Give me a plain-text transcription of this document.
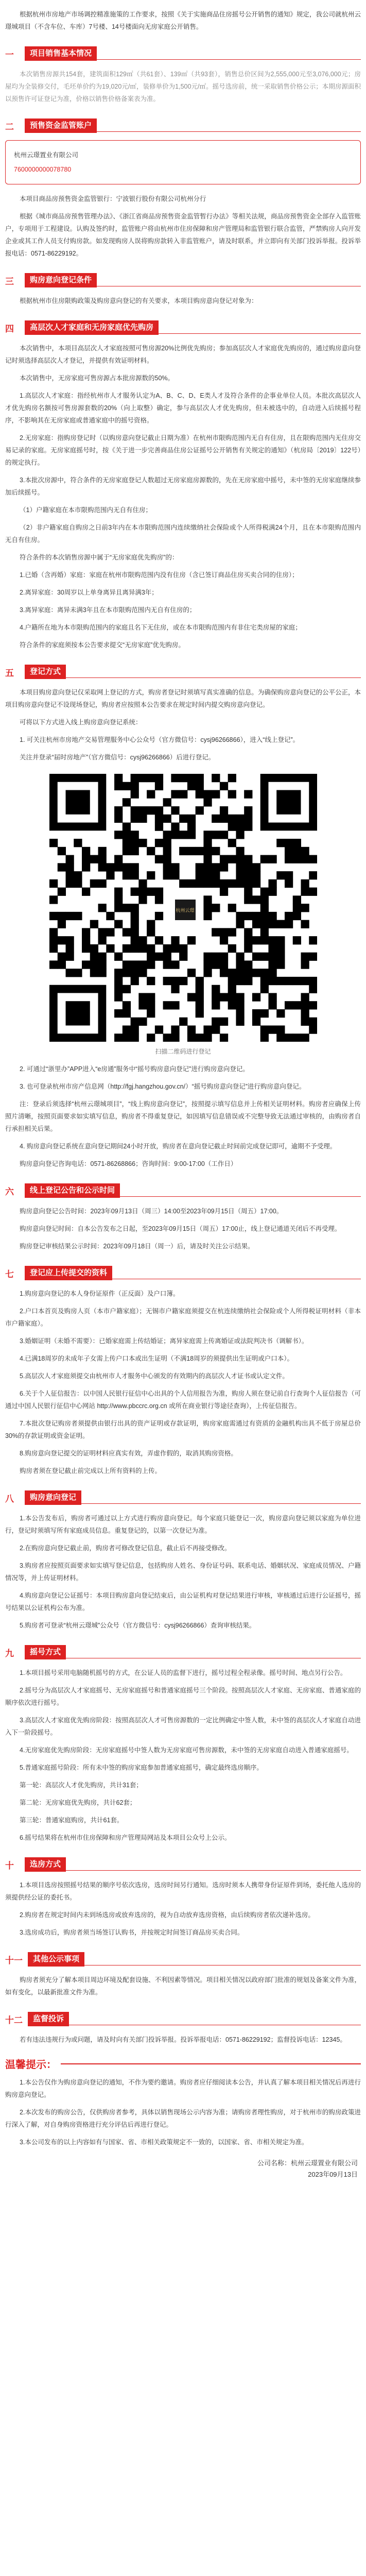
根据杭州市房地产市场调控精准施策的工作要求，按照《关于实施商品住房摇号公开销售的通知》规定，我公司就杭州云璟城项目（不含车位、车库）7号楼、14号楼面向无房家庭公开销售。

一	项目销售基本情况

本次销售房源共154套，建筑面积129㎡（共61套）、139㎡（共93套），销售总价区间为2,555,000元至3,076,000元；房屋均为全装修交付，毛坯单价约为19,020元/㎡，装修单价为1,500元/㎡。摇号选房前，统一采取销售价格公示；本期房源面积以预售许可证登记为准，价格以销售价格备案表为准。

二	预售资金监管账户

杭州云璟置业有限公司

7600000000078780

本项目商品房预售资金监管银行：宁波银行股份有限公司杭州分行

根据《城市商品房预售管理办法》、《浙江省商品房预售资金监管暂行办法》等相关法规，商品房预售资金全部存入监管账户，专项用于工程建设。认购及签约时，监管账户将由杭州市住房保障和房产管理局和监管银行联合监管，严禁购房人向开发企业或其工作人员支付购房款。如发现购房人误将购房款转入非监管账户，请及时联系，并立即向有关部门投诉举报。投诉举报电话：0571-86229192。

三	购房意向登记条件

根据杭州市住房限购政策及购房意向登记的有关要求，本项目购房意向登记对象为：

四	高层次人才家庭和无房家庭优先购房

本次销售中，本项目高层次人才家庭按照可售房源20%比例优先购房；参加高层次人才家庭优先购房的，通过购房意向登记时须选择高层次人才登记，并提供有效证明材料。

本次销售中，无房家庭可售房源占本批房源数的50%。

1.高层次人才家庭：指经杭州市人才服务认定为A、B、C、D、E类人才及符合条件的企事业单位人员。本批次高层次人才优先购房名额按可售房源套数的20%（向上取整）确定，参与高层次人才优先购房，但未被选中的，自动进入后续摇号程序，不影响其在无房家庭或普通家庭中的摇号资格。

2.无房家庭：指购房登记时（以购房意向登记截止日期为准）在杭州市限购范围内无自有住房，且在限购范围内无住房交易记录的家庭。无房家庭摇号时，按《关于进一步完善商品住房公证摇号公开销售有关规定的通知》（杭房局〔2019〕122号）的规定执行。

3.本批次房源中，符合条件的无房家庭登记人数超过无房家庭房源数的，先在无房家庭中摇号，未中签的无房家庭继续参加后续摇号。

（1）户籍家庭在本市限购范围内无自有住房；

（2）非户籍家庭自购房之日前3年内在本市限购范围内连续缴纳社会保险或个人所得税满24个月，且在本市限购范围内无自有住房。

符合条件的本次销售房源中属于“无房家庭优先购房”的：

1.已婚（含再婚）家庭：家庭在杭州市限购范围内没有住房（含已签订商品住房买卖合同的住房）；

2.离异家庭：30周岁以上单身离异且离异满3年；

3.离异家庭：离异未满3年且在本市限购范围内无自有住房的；

4.户籍所在地为本市限购范围内的家庭且名下无住房，或在本市限购范围内有非住宅类房屋的家庭；

符合条件的家庭须按本公告要求提交“无房家庭”优先购房。

五	登记方式

本项目购房意向登记仅采取网上登记的方式，购房者登记时须填写真实准确的信息。为确保购房意向登记的公平公正，本项目购房意向登记不设现场登记，购房者应按照本公告要求在规定时间内提交购房意向登记。

可将以下方式进入线上购房意向登记系统：

1. 可关注杭州市房地产交易管理服务中心公众号（官方微信号：cysj96266866），进入“线上登记”。

关注并登录“届时房地产”（官方微信号：cysj96266866）后进行登记。

杭州云璟

扫描二维码进行登记

2. 可通过“浙里办”APP进入“e房通”服务中“摇号购房意向登记”进行购房意向登记。

3. 也可登录杭州市房产信息网（http://fgj.hangzhou.gov.cn/）“摇号购房意向登记”进行购房意向登记。

注：登录后须选择“杭州云璟城项目”，“线上购房意向登记”，按照提示填写信息并上传相关证明材料。购房者应确保上传照片清晰，按照页面要求如实填写信息，购房者不得重复登记，如因填写信息错误或不完整导致无法通过审核的，由购房者自行承担相关后果。

4. 购房意向登记系统在意向登记期间24小时开放，购房者在意向登记截止时间前完成登记即可，逾期不予受理。

购房意向登记咨询电话：0571-86268866；咨询时间：9:00-17:00（工作日）

六	线上登记公告和公示时间

购房意向登记公告时间：2023年09月13日（周三）14:00至2023年09月15日（周五）17:00。

购房意向登记时间：自本公告发布之日起，至2023年09月15日（周五）17:00止，线上登记通道关闭后不再受理。

购房登记审核结果公示时间：2023年09月18日（周一）后，请及时关注公示结果。

七	登记应上传提交的资料

1.购房意向登记的本人身份证原件（正反面）及户口簿。

2.户口本首页及购房人页（本市户籍家庭）；无锡市户籍家庭须提交在杭连续缴纳社会保险或个人所得税证明材料（非本市户籍家庭）。

3.婚姻证明（未婚不需要）：已婚家庭需上传结婚证；离异家庭需上传离婚证或法院判决书（调解书）。

4.已满18周岁的未成年子女需上传户口本或出生证明（不满18周岁的须提供出生证明或户口本）。

5.高层次人才家庭须提交由杭州市人才服务中心颁发的有效期内的高层次人才证书或认定文件。

6.关于个人征信报告：以中国人民银行征信中心出具的个人信用报告为准，购房人须在登记前自行查询个人征信报告（可通过中国人民银行征信中心网站 http://www.pbccrc.org.cn 或所在商业银行等途径查询），上传征信报告。

7.本批次登记购房者须提供由银行出具的资产证明或存款证明，购房家庭需通过有资质的金融机构出具不低于房屋总价30%的存款证明或资金证明。

8.购房意向登记提交的证明材料应真实有效，弄虚作假的，取消其购房资格。

购房者须在登记截止前完成以上所有资料的上传。

八	购房意向登记

1.本公告发布后，购房者可通过以上方式进行购房意向登记。每个家庭只能登记一次，购房意向登记须以家庭为单位进行，登记时须填写所有家庭成员信息。重复登记的，以第一次登记为准。

2.在购房意向登记截止前，购房者可修改登记信息，截止后不再接受修改。

3.购房者应按照页面要求如实填写登记信息，包括购房人姓名、身份证号码、联系电话、婚姻状况、家庭成员情况、户籍情况等，并上传证明材料。

4.购房意向登记公证摇号：本项目购房意向登记结束后，由公证机构对登记结果进行审核，审核通过后进行公证摇号，摇号结果以公证机构公布为准。

5.购房者可登录“杭州云璟城”公众号（官方微信号：cysj96266866）查询审核结果。

九	摇号方式

1.本项目摇号采用电脑随机摇号的方式，在公证人员的监督下进行，摇号过程全程录像。摇号时间、地点另行公告。

2.摇号分为高层次人才家庭摇号、无房家庭摇号和普通家庭摇号三个阶段。按照高层次人才家庭、无房家庭、普通家庭的顺序依次进行摇号。

3.高层次人才家庭优先购房阶段：按照高层次人才可售房源数的一定比例确定中签人数，未中签的高层次人才家庭自动进入下一阶段摇号。

4.无房家庭优先购房阶段：无房家庭摇号中签人数为无房家庭可售房源数，未中签的无房家庭自动进入普通家庭摇号。

5.普通家庭摇号阶段：所有未中签的购房家庭参加普通家庭摇号，确定最终选房顺序。

第一轮：高层次人才优先购房，共计31套；

第二轮：无房家庭优先购房，共计62套；

第三轮：普通家庭购房，共计61套。

6.摇号结果将在杭州市住房保障和房产管理局网站及本项目公众号上公示。

十	选房方式

1.本项目选房按照摇号结果的顺序号依次选房，选房时间另行通知。选房时须本人携带身份证原件到场，委托他人选房的须提供经公证的委托书。

2.购房者在规定时间内未到场选房或放弃选房的，视为自动放弃选房资格，由后续购房者依次递补选房。

3.选房成功后，购房者须当场签订认购书，并按规定时间签订商品房买卖合同。

十一	其他公示事项

购房者须充分了解本项目周边环境及配套设施、不利因素等情况。项目相关情况以政府部门批准的规划及备案文件为准，如有变化，以最新批准文件为准。

十二	监督投诉

若有违法违规行为或问题，请及时向有关部门投诉举报。投诉举报电话：0571-86229192；监督投诉电话：12345。

温馨提示：

1.本公告仅作为购房意向登记的通知，不作为要约邀请。购房者应仔细阅读本公告，并认真了解本项目相关情况后再进行购房意向登记。

2.本次发布的购房公告，仅供购房者参考，具体以销售现场公示内容为准；请购房者理性购房，对于杭州市的购房政策进行深入了解，对自身购房资格进行充分评估后再进行登记。

3.本公司发布的以上内容如有与国家、省、市相关政策规定不一致的，以国家、省、市相关规定为准。

公司名称：杭州云璟置业有限公司
2023年09月13日
